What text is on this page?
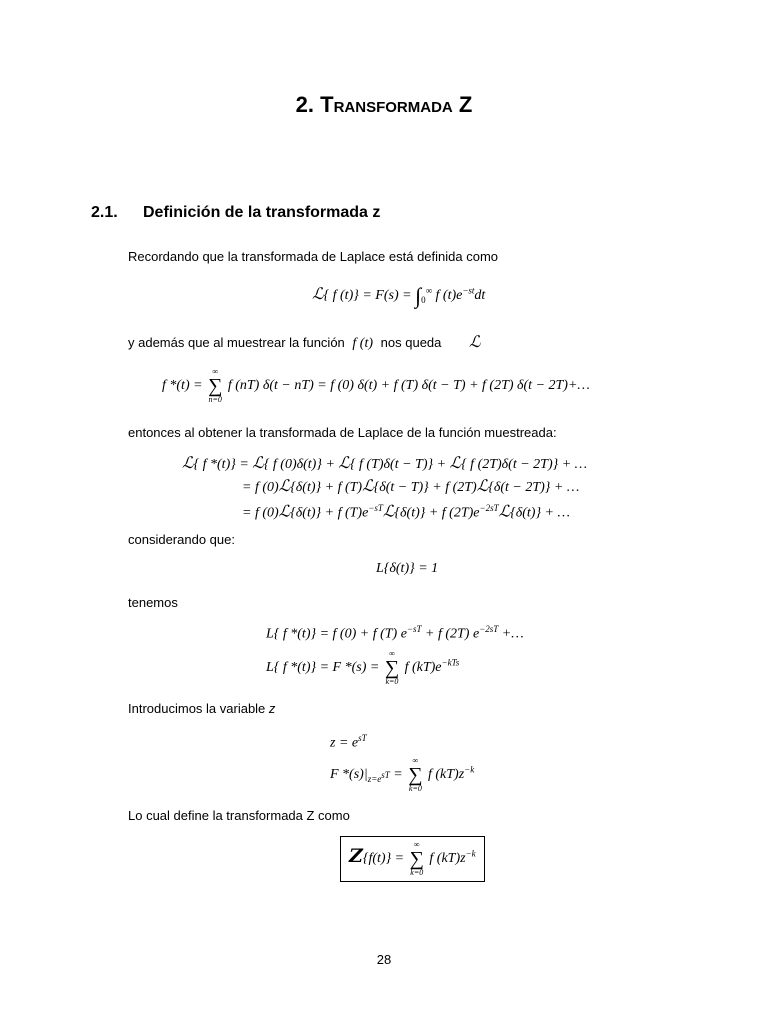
2. Transformada Z
2.1. Definición de la transformada z
Recordando que la transformada de Laplace está definida como
ℒ{ f $(t)\} = F(s) = \int_0^\infty$ f $(t)e^{-st}dt$
y además que al muestrear la función f (t) nos queda ℒ
f *(t) =
∞
∑
n=0
f (nT) δ(t − nT) = f (0) δ(t) + f (T) δ(t − T) + f (2T) δ(t − 2T)+…
entonces al obtener la transformada de Laplace de la función muestreada:
ℒ{ f *(t)} = ℒ{ f (0)δ(t)} + ℒ{ f (T)δ(t − T)} + ℒ{ f (2T)δ(t − 2T)} + …
= f (0)ℒ{δ(t)} + f (T)ℒ{δ(t − T)} + f (2T)ℒ{δ(t − 2T)} + …
= f (0)ℒ{δ(t)} + f $(T)e^{-sT}ℒ\{\delta(t)\} + f$ $(2T)e^{-2sT}ℒ\{\delta(t)\}$ + …
considerando que:
L{δ(t)} = 1
tenemos
L{ f *(t)} = f (0) + f (T) $e^{-sT} + f$ (2T) $e^{-2sT}$ +…
L{ f *(t)} = F *(s) =
∞
∑
k=0
f $(kT)e^{-kTs}$
Introducimos la variable z
$z = e^{sT}$
F $*(s)|_{z=e^{sT}}$ =
∞
∑
k=0
f $(kT)z^{-k}$
Lo cual define la transformada Z como
Z{f(t)} =
∞
∑
k=0
f $(kT)z^{-k}$
28
